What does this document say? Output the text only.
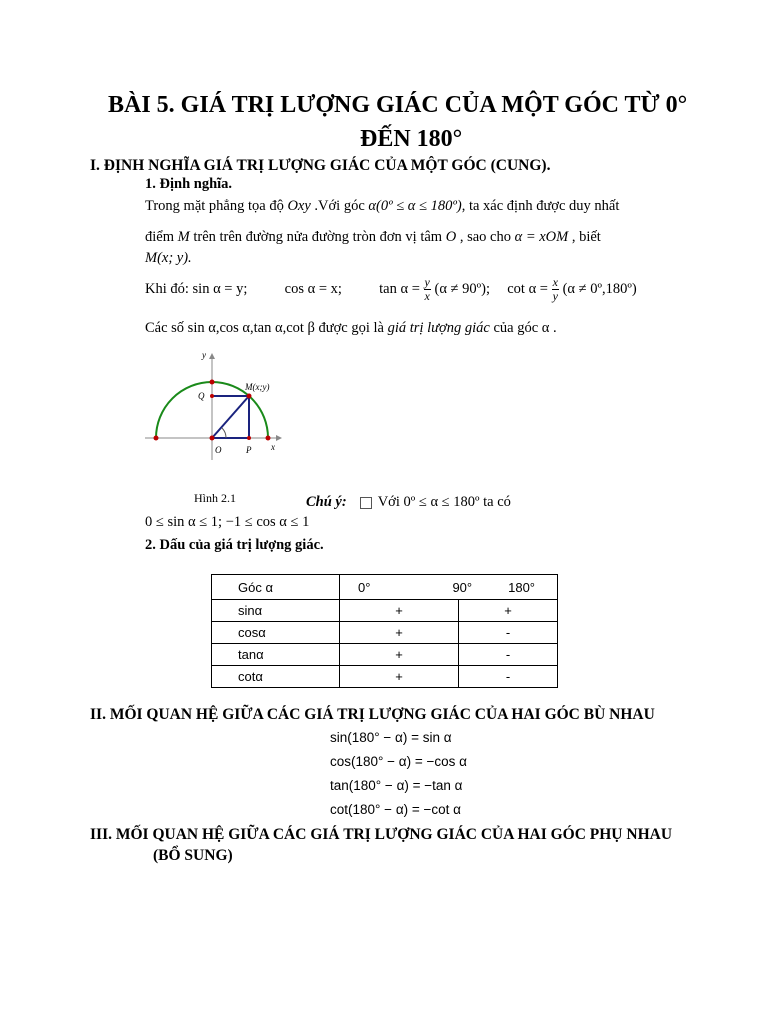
BÀI 5. GIÁ TRỊ LƯỢNG GIÁC CỦA MỘT GÓC TỪ 0°
ĐẾN 180°
I. ĐỊNH NGHĨA GIÁ TRỊ LƯỢNG GIÁC CỦA MỘT GÓC (CUNG).
1. Định nghĩa.
Trong mặt phẳng tọa độ Oxy .Với góc α(0º ≤ α ≤ 180º), ta xác định được duy nhất
điểm M trên trên đường nửa đường tròn đơn vị tâm O , sao cho α = xOM , biết
M(x; y).
Khi đó: sin α = y;	cos α = x;	$\tan \alpha = \frac{y}{x} (\alpha$ ≠ 90º); $\cot \alpha = \frac{x}{y} (\alpha$ ≠ 0º,180º)
Các số sin α,cos α,tan α,cot β được gọi là giá trị lượng giác của góc α .
y
x
M(x;y)
Q
O	P
Hình 2.1	Chú ý:  Với 0º ≤ α ≤ 180º ta có
0 ≤ sin α ≤ 1; −1 ≤ cos α ≤ 1
2. Dấu của giá trị lượng giác.
Góc α	0° 90° 180°	

sinα	+	+
cosα	+	-
tanα	+	-
cotα	+	-
II. MỐI QUAN HỆ GIỮA CÁC GIÁ TRỊ LƯỢNG GIÁC CỦA HAI GÓC BÙ NHAU
sin(180° − α) = sin α
cos(180° − α) = −cos α
tan(180° − α) = −tan α
cot(180° − α) = −cot α
III. MỐI QUAN HỆ GIỮA CÁC GIÁ TRỊ LƯỢNG GIÁC CỦA HAI GÓC PHỤ NHAU
(BỔ SUNG)
